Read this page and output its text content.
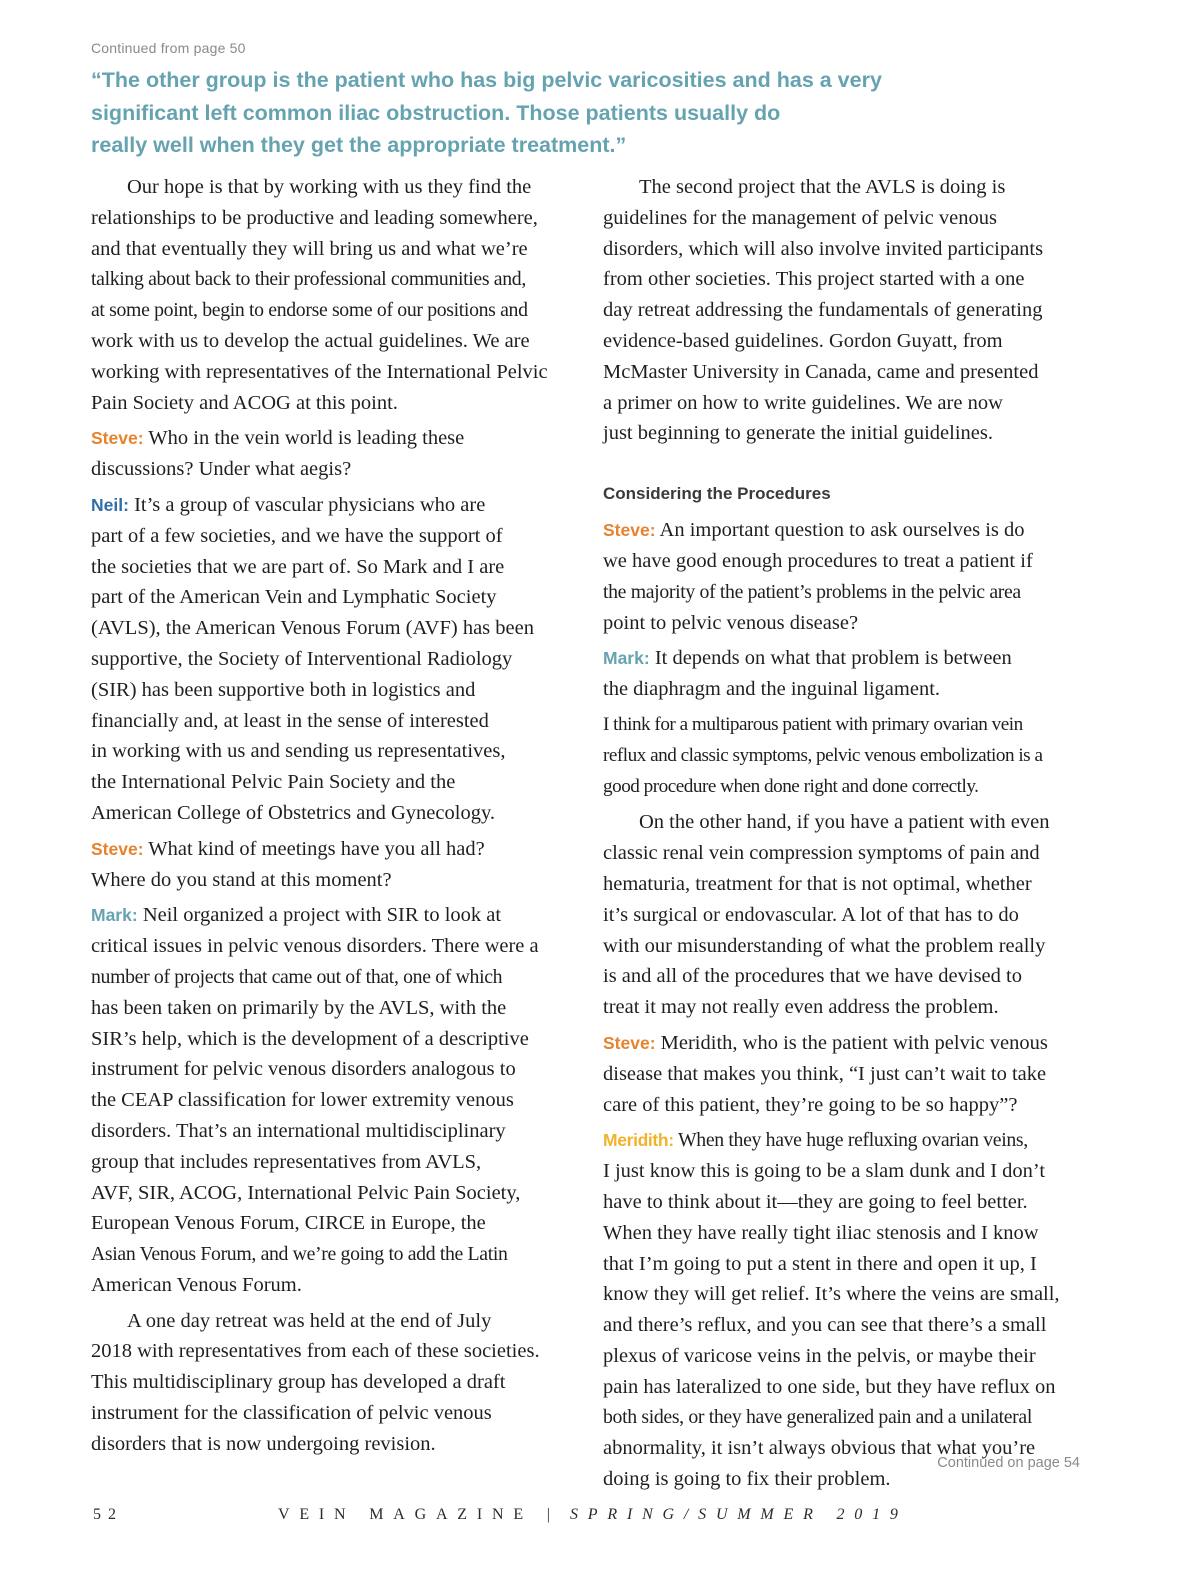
Continued from page 50
“The other group is the patient who has big pelvic varicosities and has a very
significant left common iliac obstruction. Those patients usually do
really well when they get the appropriate treatment.”

Our hope is that by working with us they find the
relationships to be productive and leading somewhere,
and that eventually they will bring us and what we’re
talking about back to their professional communities and,
at some point, begin to endorse some of our positions and
work with us to develop the actual guidelines. We are
working with representatives of the International Pelvic
Pain Society and ACOG at this point.

Steve: Who in the vein world is leading these
discussions? Under what aegis?

Neil: It’s a group of vascular physicians who are
part of a few societies, and we have the support of
the societies that we are part of. So Mark and I are
part of the American Vein and Lymphatic Society
(AVLS), the American Venous Forum (AVF) has been
supportive, the Society of Interventional Radiology
(SIR) has been supportive both in logistics and
financially and, at least in the sense of interested
in working with us and sending us representatives,
the International Pelvic Pain Society and the
American College of Obstetrics and Gynecology.

Steve: What kind of meetings have you all had?
Where do you stand at this moment?

Mark: Neil organized a project with SIR to look at
critical issues in pelvic venous disorders. There were a
number of projects that came out of that, one of which
has been taken on primarily by the AVLS, with the
SIR’s help, which is the development of a descriptive
instrument for pelvic venous disorders analogous to
the CEAP classification for lower extremity venous
disorders. That’s an international multidisciplinary
group that includes representatives from AVLS,
AVF, SIR, ACOG, International Pelvic Pain Society,
European Venous Forum, CIRCE in Europe, the
Asian Venous Forum, and we’re going to add the Latin
American Venous Forum.

A one day retreat was held at the end of July
2018 with representatives from each of these societies.
This multidisciplinary group has developed a draft
instrument for the classification of pelvic venous
disorders that is now undergoing revision.

The second project that the AVLS is doing is
guidelines for the management of pelvic venous
disorders, which will also involve invited participants
from other societies. This project started with a one
day retreat addressing the fundamentals of generating
evidence-based guidelines. Gordon Guyatt, from
McMaster University in Canada, came and presented
a primer on how to write guidelines. We are now
just beginning to generate the initial guidelines.

Considering the Procedures

Steve: An important question to ask ourselves is do
we have good enough procedures to treat a patient if
the majority of the patient’s problems in the pelvic area
point to pelvic venous disease?

Mark: It depends on what that problem is between
the diaphragm and the inguinal ligament.

I think for a multiparous patient with primary ovarian vein
reflux and classic symptoms, pelvic venous embolization is a
good procedure when done right and done correctly.

On the other hand, if you have a patient with even
classic renal vein compression symptoms of pain and
hematuria, treatment for that is not optimal, whether
it’s surgical or endovascular. A lot of that has to do
with our misunderstanding of what the problem really
is and all of the procedures that we have devised to
treat it may not really even address the problem.

Steve: Meridith, who is the patient with pelvic venous
disease that makes you think, “I just can’t wait to take
care of this patient, they’re going to be so happy”?

Meridith: When they have huge refluxing ovarian veins,
I just know this is going to be a slam dunk and I don’t
have to think about it—they are going to feel better.
When they have really tight iliac stenosis and I know
that I’m going to put a stent in there and open it up, I
know they will get relief. It’s where the veins are small,
and there’s reflux, and you can see that there’s a small
plexus of varicose veins in the pelvis, or maybe their
pain has lateralized to one side, but they have reflux on
both sides, or they have generalized pain and a unilateral
abnormality, it isn’t always obvious that what you’re
doing is going to fix their problem.

Continued on page 54
52	VEIN MAGAZINE | SPRING/SUMMER 2019
